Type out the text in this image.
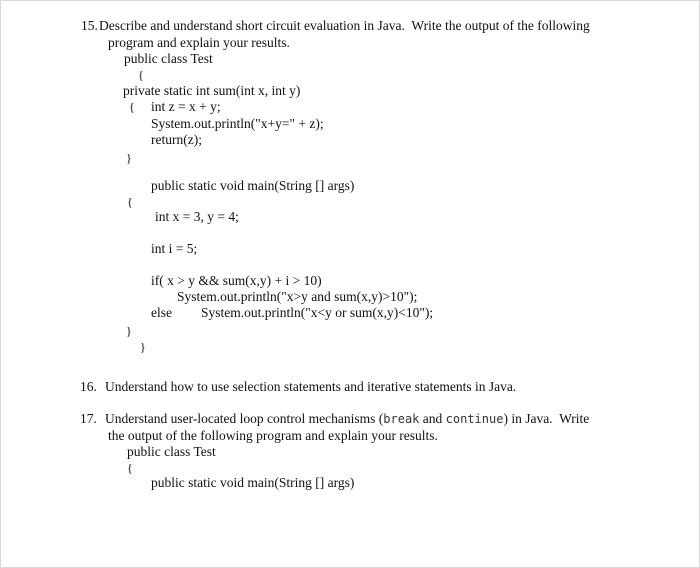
15. Describe and understand short circuit evaluation in Java.  Write the output of the following
program and explain your results.
public class Test
{
private static int sum(int x, int y)
{ int z = x + y;
System.out.println("x+y=" + z);
return(z);
}
public static void main(String [] args)
{
int x = 3, y = 4;
int i = 5;
if( x > y && sum(x,y) + i > 10)
System.out.println("x>y and sum(x,y)>10");
else System.out.println("x<y or sum(x,y)<10");
}
}
16. Understand how to use selection statements and iterative statements in Java.
17. Understand user-located loop control mechanisms (break and continue) in Java.  Write
the output of the following program and explain your results.
public class Test
{
public static void main(String [] args)
